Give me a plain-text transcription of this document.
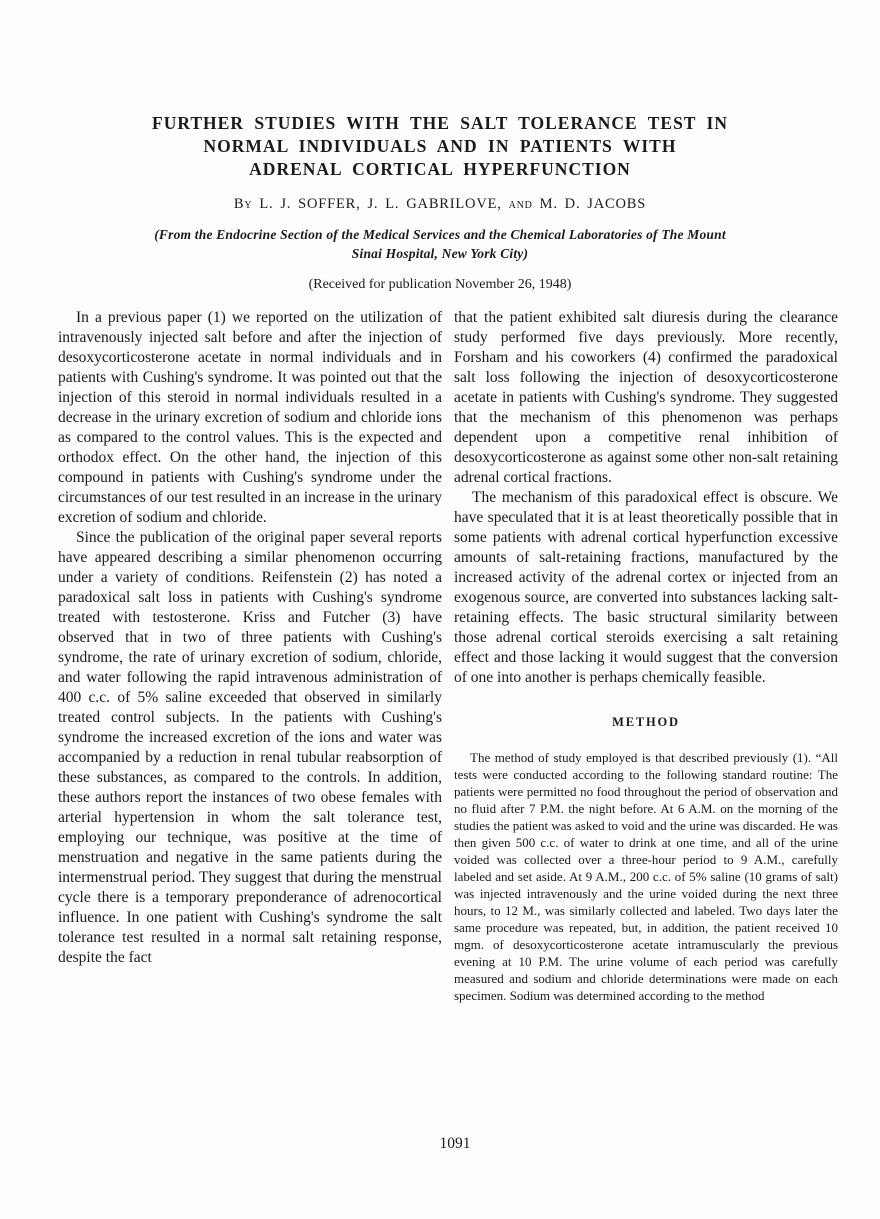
FURTHER STUDIES WITH THE SALT TOLERANCE TEST IN
NORMAL INDIVIDUALS AND IN PATIENTS WITH
ADRENAL CORTICAL HYPERFUNCTION
By L. J. SOFFER, J. L. GABRILOVE, and M. D. JACOBS
(From the Endocrine Section of the Medical Services and the Chemical Laboratories of The Mount Sinai Hospital, New York City)
(Received for publication November 26, 1948)

In a previous paper (1) we reported on the utilization of intravenously injected salt before and after the injection of desoxycorticosterone acetate in normal individuals and in patients with Cushing's syndrome. It was pointed out that the injection of this steroid in normal individuals resulted in a decrease in the urinary excretion of sodium and chloride ions as compared to the control values. This is the expected and orthodox effect. On the other hand, the injection of this compound in patients with Cushing's syndrome under the circumstances of our test resulted in an increase in the urinary excretion of sodium and chloride.

Since the publication of the original paper several reports have appeared describing a similar phenomenon occurring under a variety of conditions. Reifenstein (2) has noted a paradoxical salt loss in patients with Cushing's syndrome treated with testosterone. Kriss and Futcher (3) have observed that in two of three patients with Cushing's syndrome, the rate of urinary excretion of sodium, chloride, and water following the rapid intravenous administration of 400 c.c. of 5% saline exceeded that observed in similarly treated control subjects. In the patients with Cushing's syndrome the increased excretion of the ions and water was accompanied by a reduction in renal tubular reabsorption of these substances, as compared to the controls. In addition, these authors report the instances of two obese females with arterial hypertension in whom the salt tolerance test, employing our technique, was positive at the time of menstruation and negative in the same patients during the intermenstrual period. They suggest that during the menstrual cycle there is a temporary preponderance of adrenocortical influence. In one patient with Cushing's syndrome the salt tolerance test resulted in a normal salt retaining response, despite the fact

that the patient exhibited salt diuresis during the clearance study performed five days previously. More recently, Forsham and his coworkers (4) confirmed the paradoxical salt loss following the injection of desoxycorticosterone acetate in patients with Cushing's syndrome. They suggested that the mechanism of this phenomenon was perhaps dependent upon a competitive renal inhibition of desoxycorticosterone as against some other non-salt retaining adrenal cortical fractions.

The mechanism of this paradoxical effect is obscure. We have speculated that it is at least theoretically possible that in some patients with adrenal cortical hyperfunction excessive amounts of salt-retaining fractions, manufactured by the increased activity of the adrenal cortex or injected from an exogenous source, are converted into substances lacking salt-retaining effects. The basic structural similarity between those adrenal cortical steroids exercising a salt retaining effect and those lacking it would suggest that the conversion of one into another is perhaps chemically feasible.

METHOD

The method of study employed is that described previously (1). “All tests were conducted according to the following standard routine: The patients were permitted no food throughout the period of observation and no fluid after 7 P.M. the night before. At 6 A.M. on the morning of the studies the patient was asked to void and the urine was discarded. He was then given 500 c.c. of water to drink at one time, and all of the urine voided was collected over a three-hour period to 9 A.M., carefully labeled and set aside. At 9 A.M., 200 c.c. of 5% saline (10 grams of salt) was injected intravenously and the urine voided during the next three hours, to 12 M., was similarly collected and labeled. Two days later the same procedure was repeated, but, in addition, the patient received 10 mgm. of desoxycorticosterone acetate intramuscularly the previous evening at 10 P.M. The urine volume of each period was carefully measured and sodium and chloride determinations were made on each specimen. Sodium was determined according to the method

1091
